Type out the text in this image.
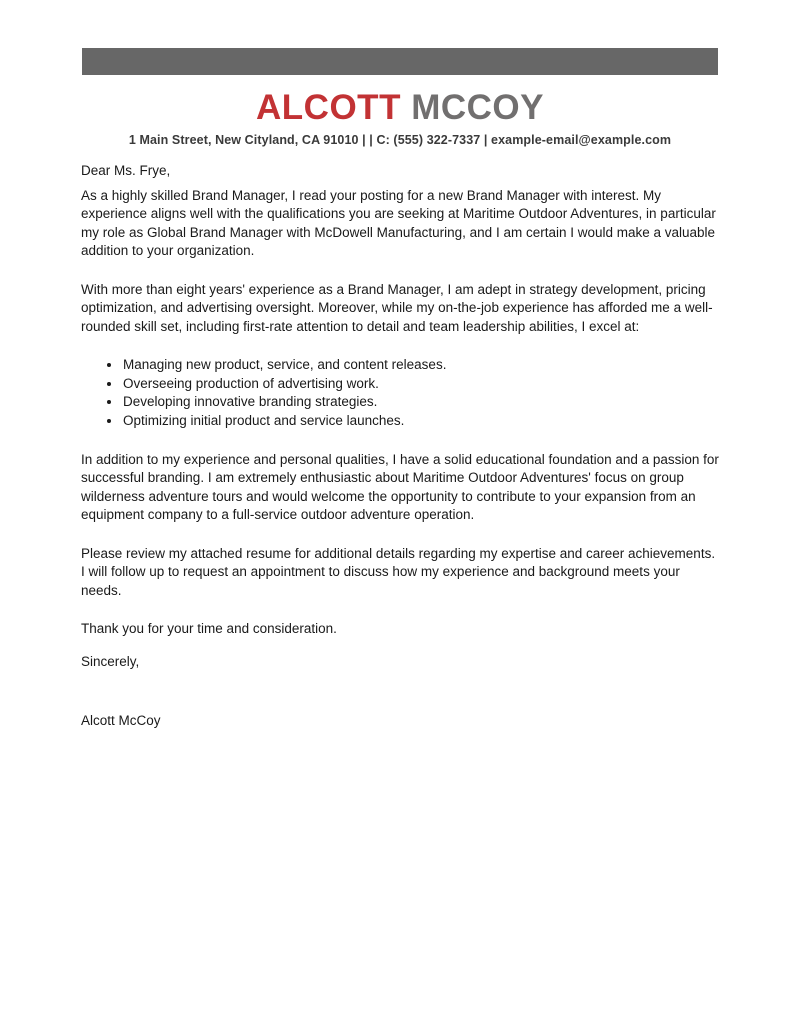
ALCOTT MCCOY
1 Main Street, New Cityland, CA 91010 | | C: (555) 322-7337 | example-email@example.com

Dear Ms. Frye,

As a highly skilled Brand Manager, I read your posting for a new Brand Manager with interest. My experience aligns well with the qualifications you are seeking at Maritime Outdoor Adventures, in particular my role as Global Brand Manager with McDowell Manufacturing, and I am certain I would make a valuable addition to your organization.

With more than eight years' experience as a Brand Manager, I am adept in strategy development, pricing optimization, and advertising oversight. Moreover, while my on-the-job experience has afforded me a well-rounded skill set, including first-rate attention to detail and team leadership abilities, I excel at:

• Managing new product, service, and content releases.
• Overseeing production of advertising work.
• Developing innovative branding strategies.
• Optimizing initial product and service launches.

In addition to my experience and personal qualities, I have a solid educational foundation and a passion for successful branding. I am extremely enthusiastic about Maritime Outdoor Adventures' focus on group wilderness adventure tours and would welcome the opportunity to contribute to your expansion from an equipment company to a full-service outdoor adventure operation.

Please review my attached resume for additional details regarding my expertise and career achievements. I will follow up to request an appointment to discuss how my experience and background meets your needs.

Thank you for your time and consideration.

Sincerely,

Alcott McCoy
